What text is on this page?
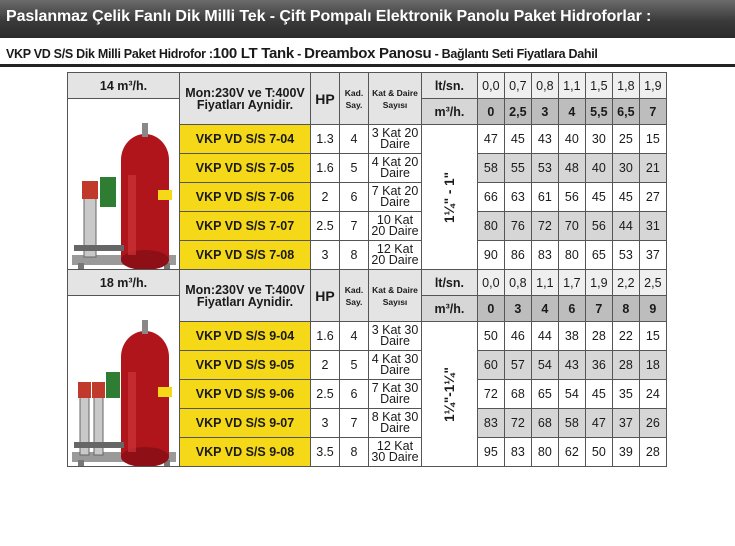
Paslanmaz Çelik Fanlı Dik Milli Tek - Çift Pompalı Elektronik Panolu Paket Hidroforlar :
VKP VD S/S Dik Milli Paket Hidrofor :100 LT Tank - Dreambox Panosu - Bağlantı Seti Fiyatlara Dahil
14 m³/h.	Mon:230V ve T:400V Fiyatları Aynidir.	HP	Kad. Say.	Kat & Daire Sayısı	lt/sn.	0,0	0,7	0,8	1,1	1,5	1,8	1,9

	m³/h.	0	2,5	3	4	5,5	6,5	7
	VKP VD S/S 7-04	1.3	4	3 Kat 20 Daire	1¼" - 1"	47	45	43	40	30	25	15
	VKP VD S/S 7-05	1.6	5	4 Kat 20 Daire		58	55	53	48	40	30	21
	VKP VD S/S 7-06	2	6	7 Kat 20 Daire		66	63	61	56	45	45	27
	VKP VD S/S 7-07	2.5	7	10 Kat 20 Daire		80	76	72	70	56	44	31
	VKP VD S/S 7-08	3	8	12 Kat 20 Daire		90	86	83	80	65	53	37
18 m³/h.	Mon:230V ve T:400V Fiyatları Aynidir.	HP	Kad. Say.	Kat & Daire Sayısı	lt/sn.	0,0	0,8	1,1	1,7	1,9	2,2	2,5

	m³/h.	0	3	4	6	7	8	9
	VKP VD S/S 9-04	1.6	4	3 Kat 30 Daire	1¼"-1¼"	50	46	44	38	28	22	15
	VKP VD S/S 9-05	2	5	4 Kat 30 Daire		60	57	54	43	36	28	18
	VKP VD S/S 9-06	2.5	6	7 Kat 30 Daire		72	68	65	54	45	35	24
	VKP VD S/S 9-07	3	7	8 Kat 30 Daire		83	72	68	58	47	37	26
	VKP VD S/S 9-08	3.5	8	12 Kat 30 Daire		95	83	80	62	50	39	28
